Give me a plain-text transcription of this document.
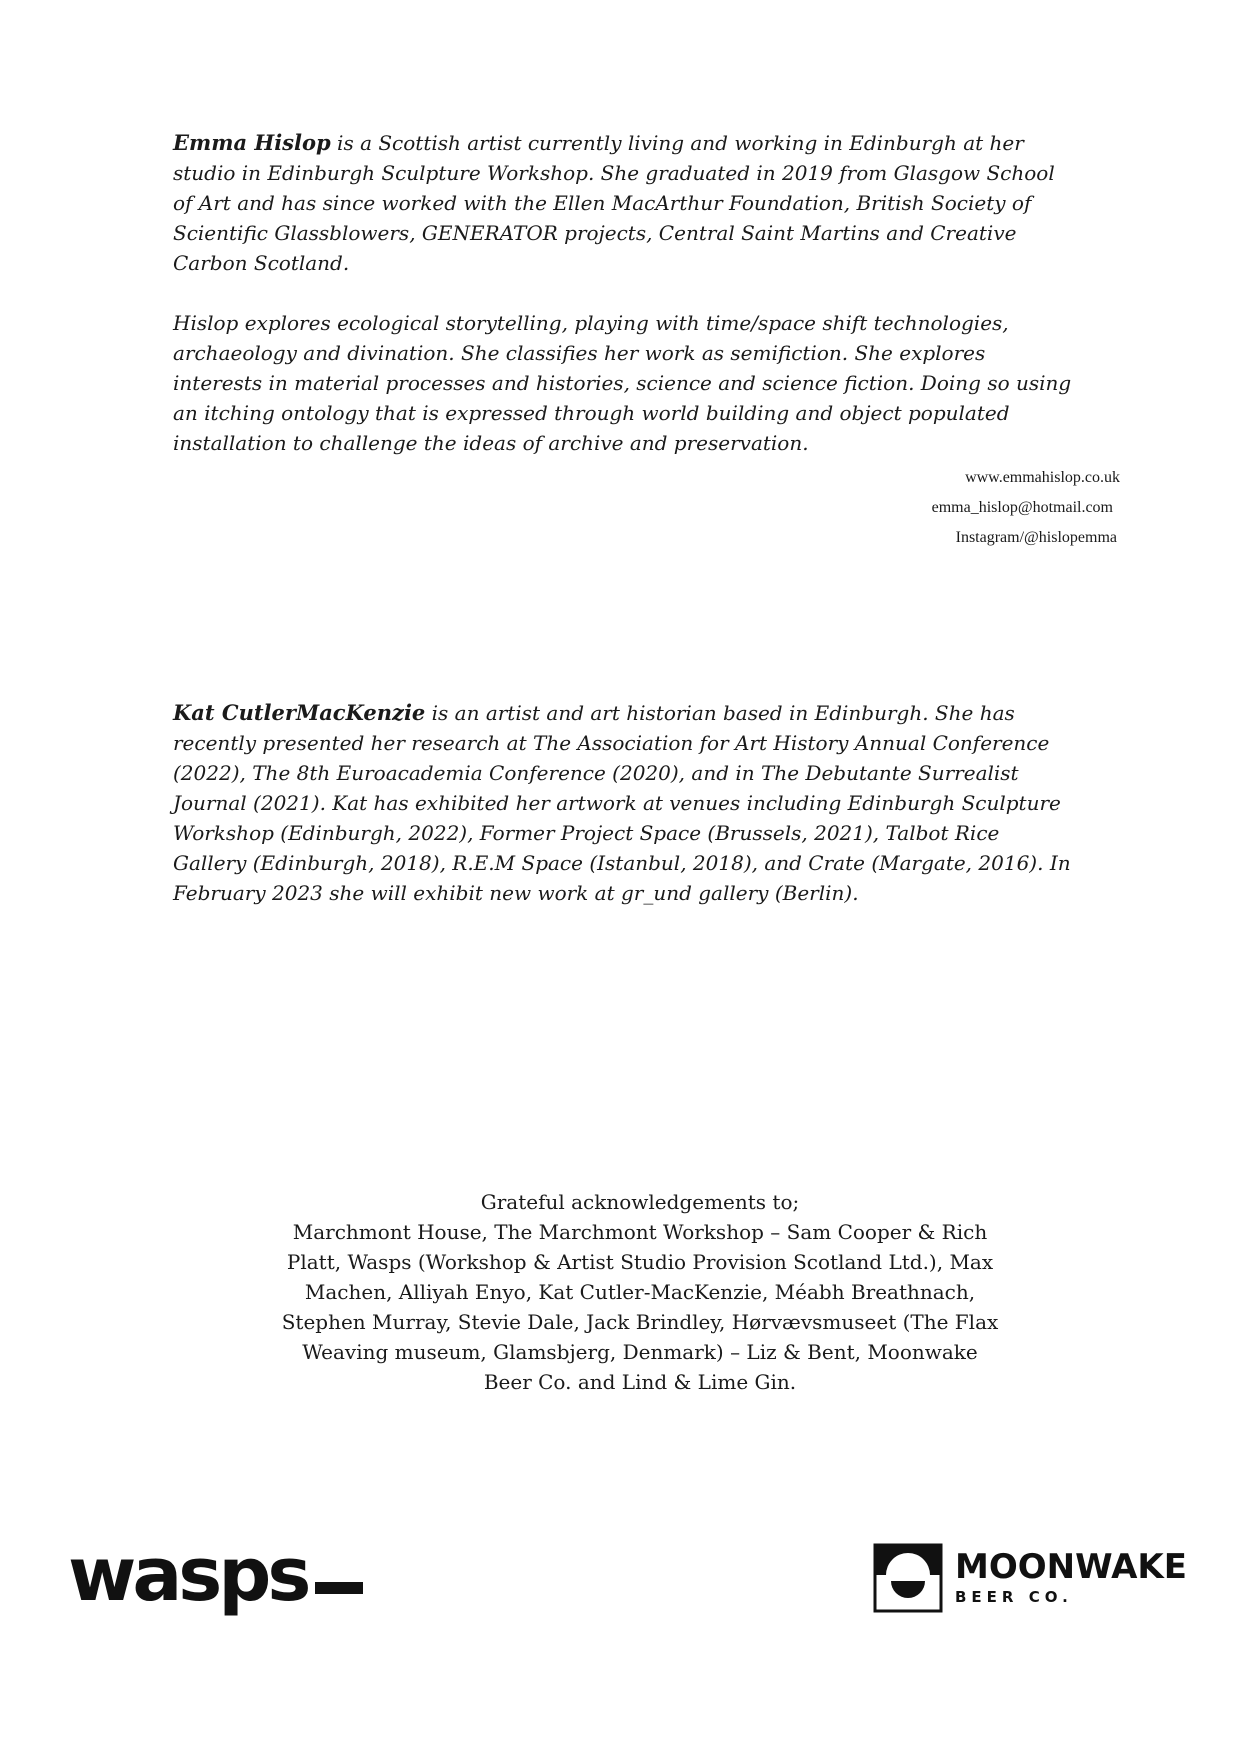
Emma Hislop is a Scottish artist currently living and working in Edinburgh at her studio in Edinburgh Sculpture Workshop. She graduated in 2019 from Glasgow School of Art and has since worked with the Ellen MacArthur Foundation, British Society of Scientific Glassblowers, GENERATOR projects, Central Saint Martins and Creative Carbon Scotland.

Hislop explores ecological storytelling, playing with time/space shift technologies, archaeology and divination. She classifies her work as semifiction. She explores interests in material processes and histories, science and science fiction. Doing so using an itching ontology that is expressed through world building and object populated installation to challenge the ideas of archive and preservation.

www.emmahislop.co.uk
emma_hislop@hotmail.com
Instagram/@hislopemma

Kat CutlerMacKenzie is an artist and art historian based in Edinburgh. She has recently presented her research at The Association for Art History Annual Conference (2022), The 8th Euroacademia Conference (2020), and in The Debutante Surrealist Journal (2021). Kat has exhibited her artwork at venues including Edinburgh Sculpture Workshop (Edinburgh, 2022), Former Project Space (Brussels, 2021), Talbot Rice Gallery (Edinburgh, 2018), R.E.M Space (Istanbul, 2018), and Crate (Margate, 2016). In February 2023 she will exhibit new work at gr_und gallery (Berlin).

Grateful acknowledgements to;

Marchmont House, The Marchmont Workshop – Sam Cooper & Rich Platt, Wasps (Workshop & Artist Studio Provision Scotland Ltd.), Max Machen, Alliyah Enyo, Kat Cutler-MacKenzie, Méabh Breathnach, Stephen Murray, Stevie Dale, Jack Brindley, Hørvævsmuseet (The Flax Weaving museum, Glamsbjerg, Denmark) – Liz & Bent, Moonwake Beer Co. and Lind & Lime Gin.

wasps	MOONWAKE
BEER CO.
